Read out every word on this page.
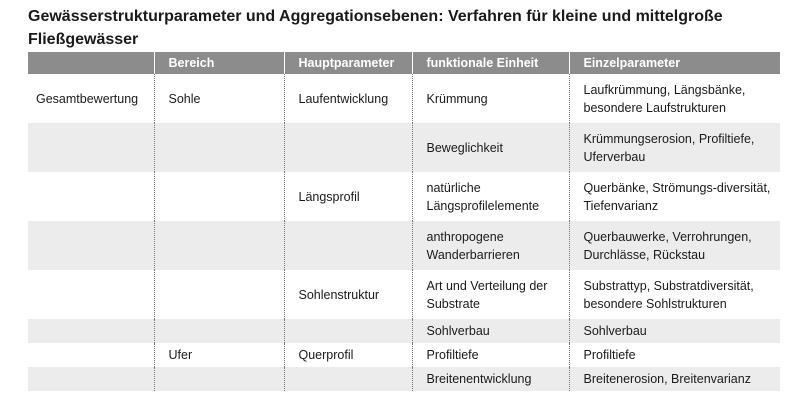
Gewässerstrukturparameter und Aggregationsebenen: Verfahren für kleine und mittelgroße Fließgewässer
	Bereich	Hauptparameter	funktionale Einheit	Einzelparameter
Gesamtbewertung	Sohle	Laufentwicklung	Krümmung	Laufkrümmung, Längsbänke, besondere Laufstrukturen
			Beweglichkeit	Krümmungserosion, Profiltiefe, Uferverbau
		Längsprofil	natürliche Längsprofilelemente	Querbänke, Strömungs-diversität, Tiefenvarianz
			anthropogene Wanderbarrieren	Querbauwerke, Verrohrungen, Durchlässe, Rückstau
		Sohlenstruktur	Art und Verteilung der Substrate	Substrattyp, Substratdiversität, besondere Sohlstrukturen
			Sohlverbau	Sohlverbau
	Ufer	Querprofil	Profiltiefe	Profiltiefe
			Breitenentwicklung	Breitenerosion, Breitenvarianz
